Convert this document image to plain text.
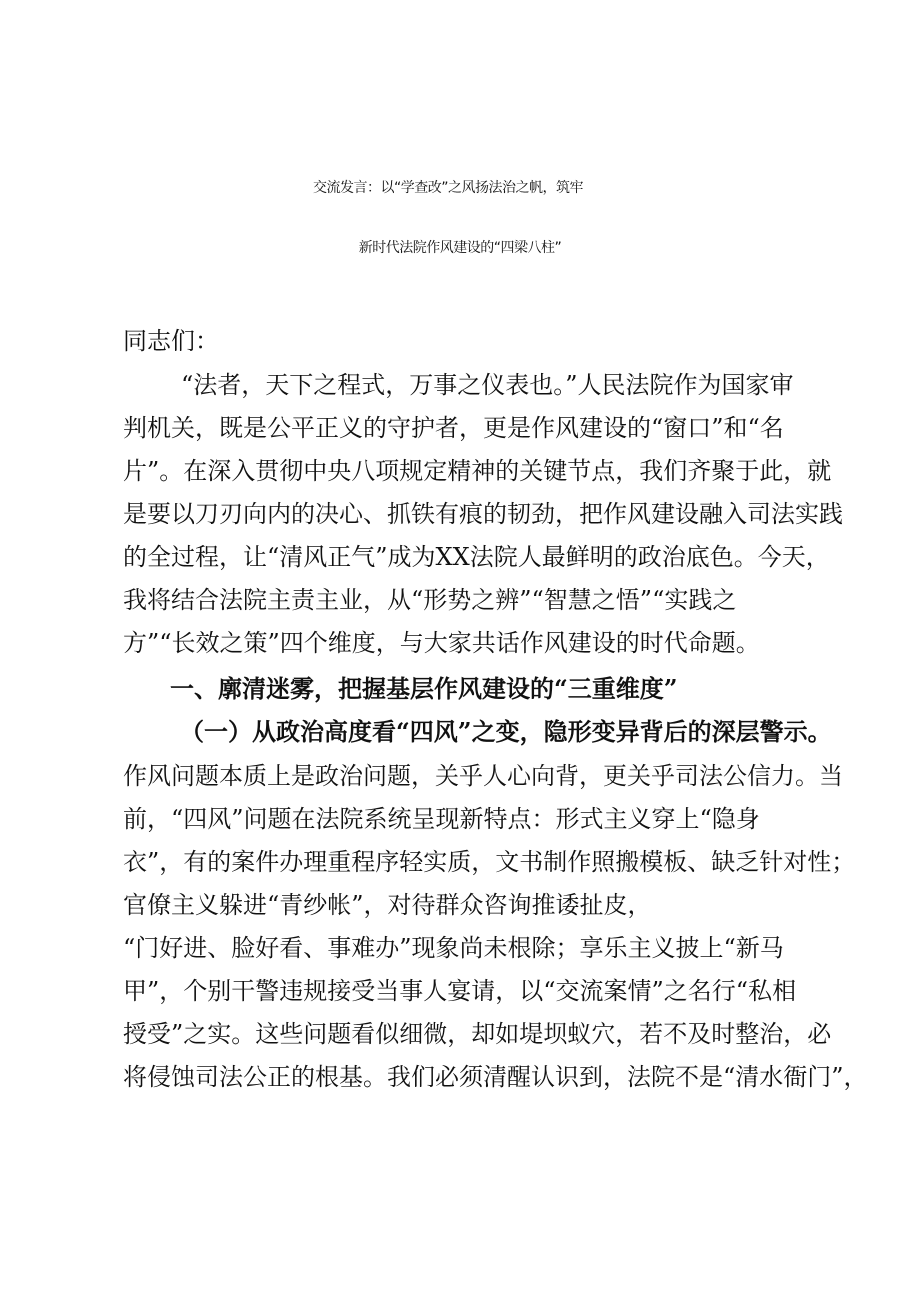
交流发言：以“学查改”之风扬法治之帆，筑牢
新时代法院作风建设的“四梁八柱”
同志们：
“法者，天下之程式，万事之仪表也。”人民法院作为国家审
判机关，既是公平正义的守护者，更是作风建设的“窗口”和“名
片”。在深入贯彻中央八项规定精神的关键节点，我们齐聚于此，就
是要以刀刃向内的决心、抓铁有痕的韧劲，把作风建设融入司法实践
的全过程，让“清风正气”成为XX法院人最鲜明的政治底色。今天，
我将结合法院主责主业，从“形势之辨”“智慧之悟”“实践之
方”“长效之策”四个维度，与大家共话作风建设的时代命题。
一、廓清迷雾，把握基层作风建设的“三重维度”
（一）从政治高度看“四风”之变，隐形变异背后的深层警示。
作风问题本质上是政治问题，关乎人心向背，更关乎司法公信力。当
前，“四风”问题在法院系统呈现新特点：形式主义穿上“隐身
衣”，有的案件办理重程序轻实质，文书制作照搬模板、缺乏针对性；
官僚主义躲进“青纱帐”，对待群众咨询推诿扯皮，
“门好进、脸好看、事难办”现象尚未根除；享乐主义披上“新马
甲”，个别干警违规接受当事人宴请，以“交流案情”之名行“私相
授受”之实。这些问题看似细微，却如堤坝蚁穴，若不及时整治，必
将侵蚀司法公正的根基。我们必须清醒认识到，法院不是“清水衙门”，
